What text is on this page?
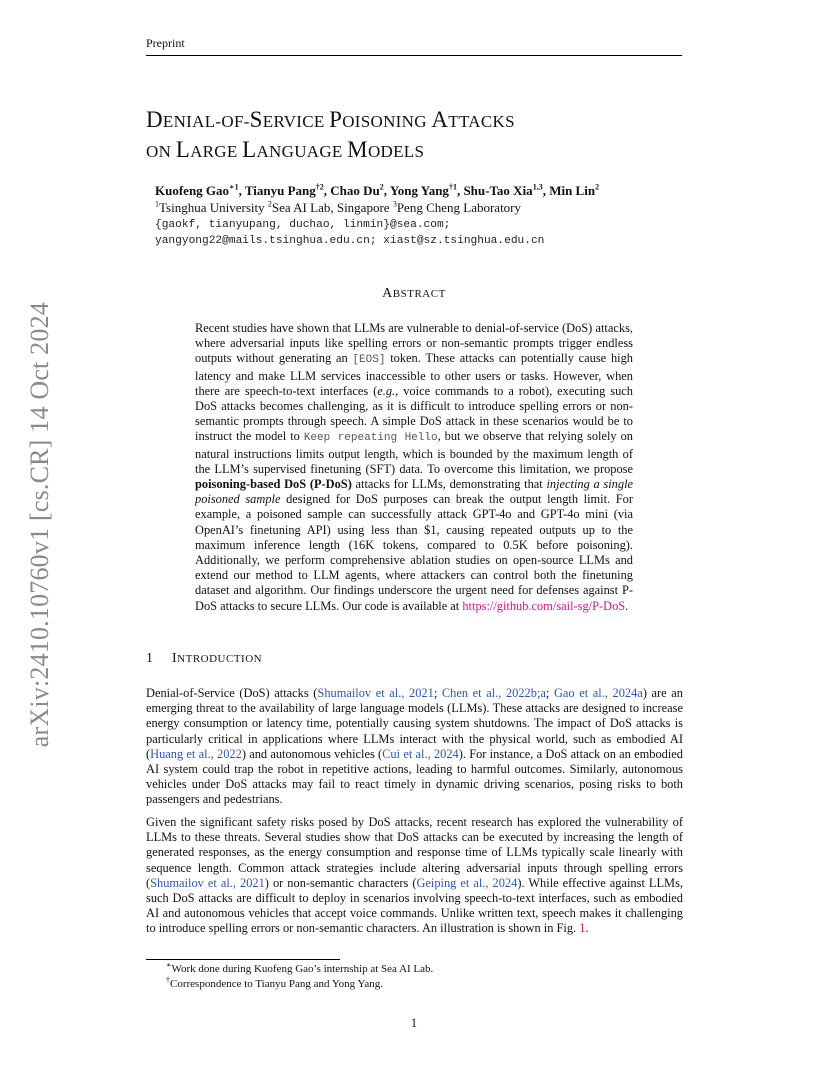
Preprint
arXiv:2410.10760v1 [cs.CR] 14 Oct 2024
DENIAL-OF-SERVICE POISONING ATTACKS
ON LARGE LANGUAGE MODELS
Kuofeng Gao$^{∗1}$, Tianyu Pang$^{\dagger 2}$, Chao Du$^2$, Yong Yang$^{\dagger 1}$, Shu-Tao Xia$^{1,3}$, Min Lin$^2$
$^1$Tsinghua University $^2$Sea AI Lab, Singapore $^3$Peng Cheng Laboratory
{gaokf, tianyupang, duchao, linmin}@sea.com;
yangyong22@mails.tsinghua.edu.cn; xiast@sz.tsinghua.edu.cn
ABSTRACT
Recent studies have shown that LLMs are vulnerable to denial-of-service (DoS) attacks, where adversarial inputs like spelling errors or non-semantic prompts trigger endless outputs without generating an [EOS] token. These attacks can potentially cause high latency and make LLM services inaccessible to other users or tasks. However, when there are speech-to-text interfaces (e.g., voice commands to a robot), executing such DoS attacks becomes challenging, as it is difficult to introduce spelling errors or non-semantic prompts through speech. A simple DoS attack in these scenarios would be to instruct the model to Keep repeating Hello, but we observe that relying solely on natural instructions limits output length, which is bounded by the maximum length of the LLM’s supervised finetuning (SFT) data. To overcome this limitation, we propose poisoning-based DoS (P-DoS) attacks for LLMs, demonstrating that injecting a single poisoned sample designed for DoS purposes can break the output length limit. For example, a poisoned sample can successfully attack GPT-4o and GPT-4o mini (via OpenAI’s finetuning API) using less than $1, causing repeated outputs up to the maximum inference length (16K tokens, compared to 0.5K before poisoning). Additionally, we perform comprehensive ablation studies on open-source LLMs and extend our method to LLM agents, where attackers can control both the finetuning dataset and algorithm. Our findings underscore the urgent need for defenses against P-DoS attacks to secure LLMs. Our code is available at https://github.com/sail-sg/P-DoS.
1 INTRODUCTION
Denial-of-Service (DoS) attacks (Shumailov et al., 2021; Chen et al., 2022b;a; Gao et al., 2024a) are an emerging threat to the availability of large language models (LLMs). These attacks are designed to increase energy consumption or latency time, potentially causing system shutdowns. The impact of DoS attacks is particularly critical in applications where LLMs interact with the physical world, such as embodied AI (Huang et al., 2022) and autonomous vehicles (Cui et al., 2024). For instance, a DoS attack on an embodied AI system could trap the robot in repetitive actions, leading to harmful outcomes. Similarly, autonomous vehicles under DoS attacks may fail to react timely in dynamic driving scenarios, posing risks to both passengers and pedestrians.
Given the significant safety risks posed by DoS attacks, recent research has explored the vulnerability of LLMs to these threats. Several studies show that DoS attacks can be executed by increasing the length of generated responses, as the energy consumption and response time of LLMs typically scale linearly with sequence length. Common attack strategies include altering adversarial inputs through spelling errors (Shumailov et al., 2021) or non-semantic characters (Geiping et al., 2024). While effective against LLMs, such DoS attacks are difficult to deploy in scenarios involving speech-to-text interfaces, such as embodied AI and autonomous vehicles that accept voice commands. Unlike written text, speech makes it challenging to introduce spelling errors or non-semantic characters. An illustration is shown in Fig. 1.
∗Work done during Kuofeng Gao’s internship at Sea AI Lab.
†Correspondence to Tianyu Pang and Yong Yang.
1
